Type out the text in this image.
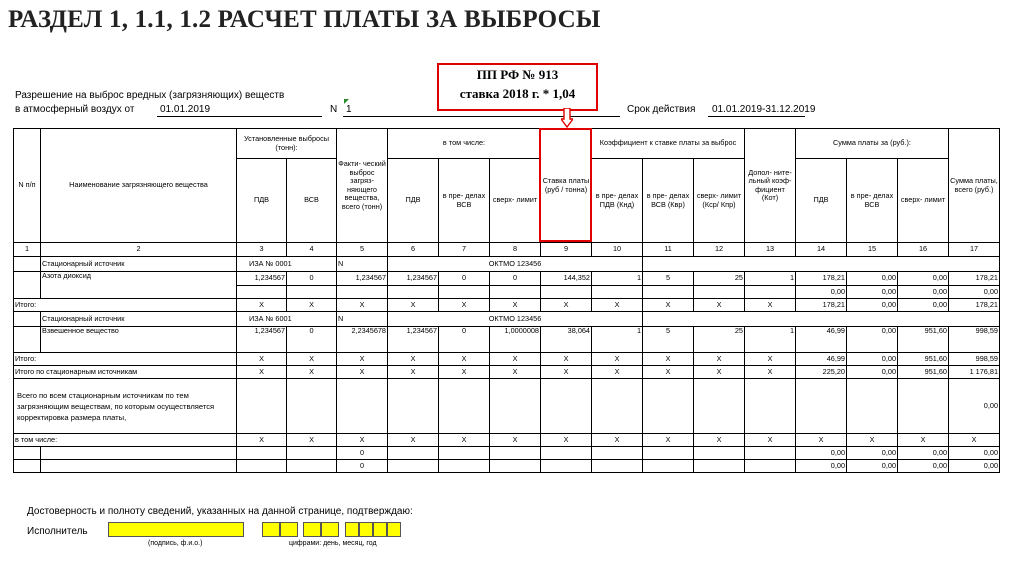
РАЗДЕЛ 1, 1.1, 1.2 РАСЧЕТ ПЛАТЫ ЗА ВЫБРОСЫ
Разрешение на выброс вредных (загрязняющих) веществ
в атмосферный воздух от	01.01.2019	N 1	Срок действия 01.01.2019-31.12.2019
ПП РФ № 913
ставка 2018 г. * 1,04
N п/п	Наименование загрязняющего вещества	Установленные выбросы (тонн):		Факти- ческий выброс загряз- няющего вещества, всего (тонн)	в том числе:			Ставка платы (руб / тонна)	Коэффициент к ставке платы за выброс			Допол- ните- льный коэф- фициент (Кот)	Сумма платы за (руб.):			Сумма платы, всего (руб.)
		ПДВ	ВСВ		ПДВ	в пре- делах ВСВ	сверх- лимит		в пре- делах ПДВ (Кнд)	в пре- делах ВСВ (Квр)	сверх- лимит (Кср/ Кпр)		ПДВ	в пре- делах ВСВ	сверх- лимит	
1	2	3	4	5	6	7	8	9	10	11	12	13	14	15	16	17
	Стационарный источник	ИЗА № 0001		N	ОКТМО 123456											
	Азота диоксид	1,234567	0	1,234567	1,234567	0	0	144,352	1	5	25	1	178,21	0,00	0,00	178,21
													0,00	0,00	0,00	0,00
Итого:		X	X	X	X	X	X	X	X	X	X	X	178,21	0,00	0,00	178,21
	Стационарный источник	ИЗА № 6001		N	ОКТМО 123456											
	Взвешенное вещество	1,234567	0	2,2345678	1,234567	0	1,0000008	38,064	1	5	25	1	46,99	0,00	951,60	998,59
Итого:		X	X	X	X	X	X	X	X	X	X	X	46,99	0,00	951,60	998,59
Итого по стационарным источникам		X	X	X	X	X	X	X	X	X	X	X	225,20	0,00	951,60	1 176,81
Всего по всем стационарным источникам по тем загрязняющим веществам, по которым осуществляется корректировка размера платы,																0,00
в том числе:		X	X	X	X	X	X	X	X	X	X	X	X	X	X	X
				0									0,00	0,00	0,00	0,00
				0									0,00	0,00	0,00	0,00
Достоверность и полноту сведений, указанных на данной странице, подтверждаю:
Исполнитель
(подпись, ф.и.о.)	цифрами: день, месяц, год
